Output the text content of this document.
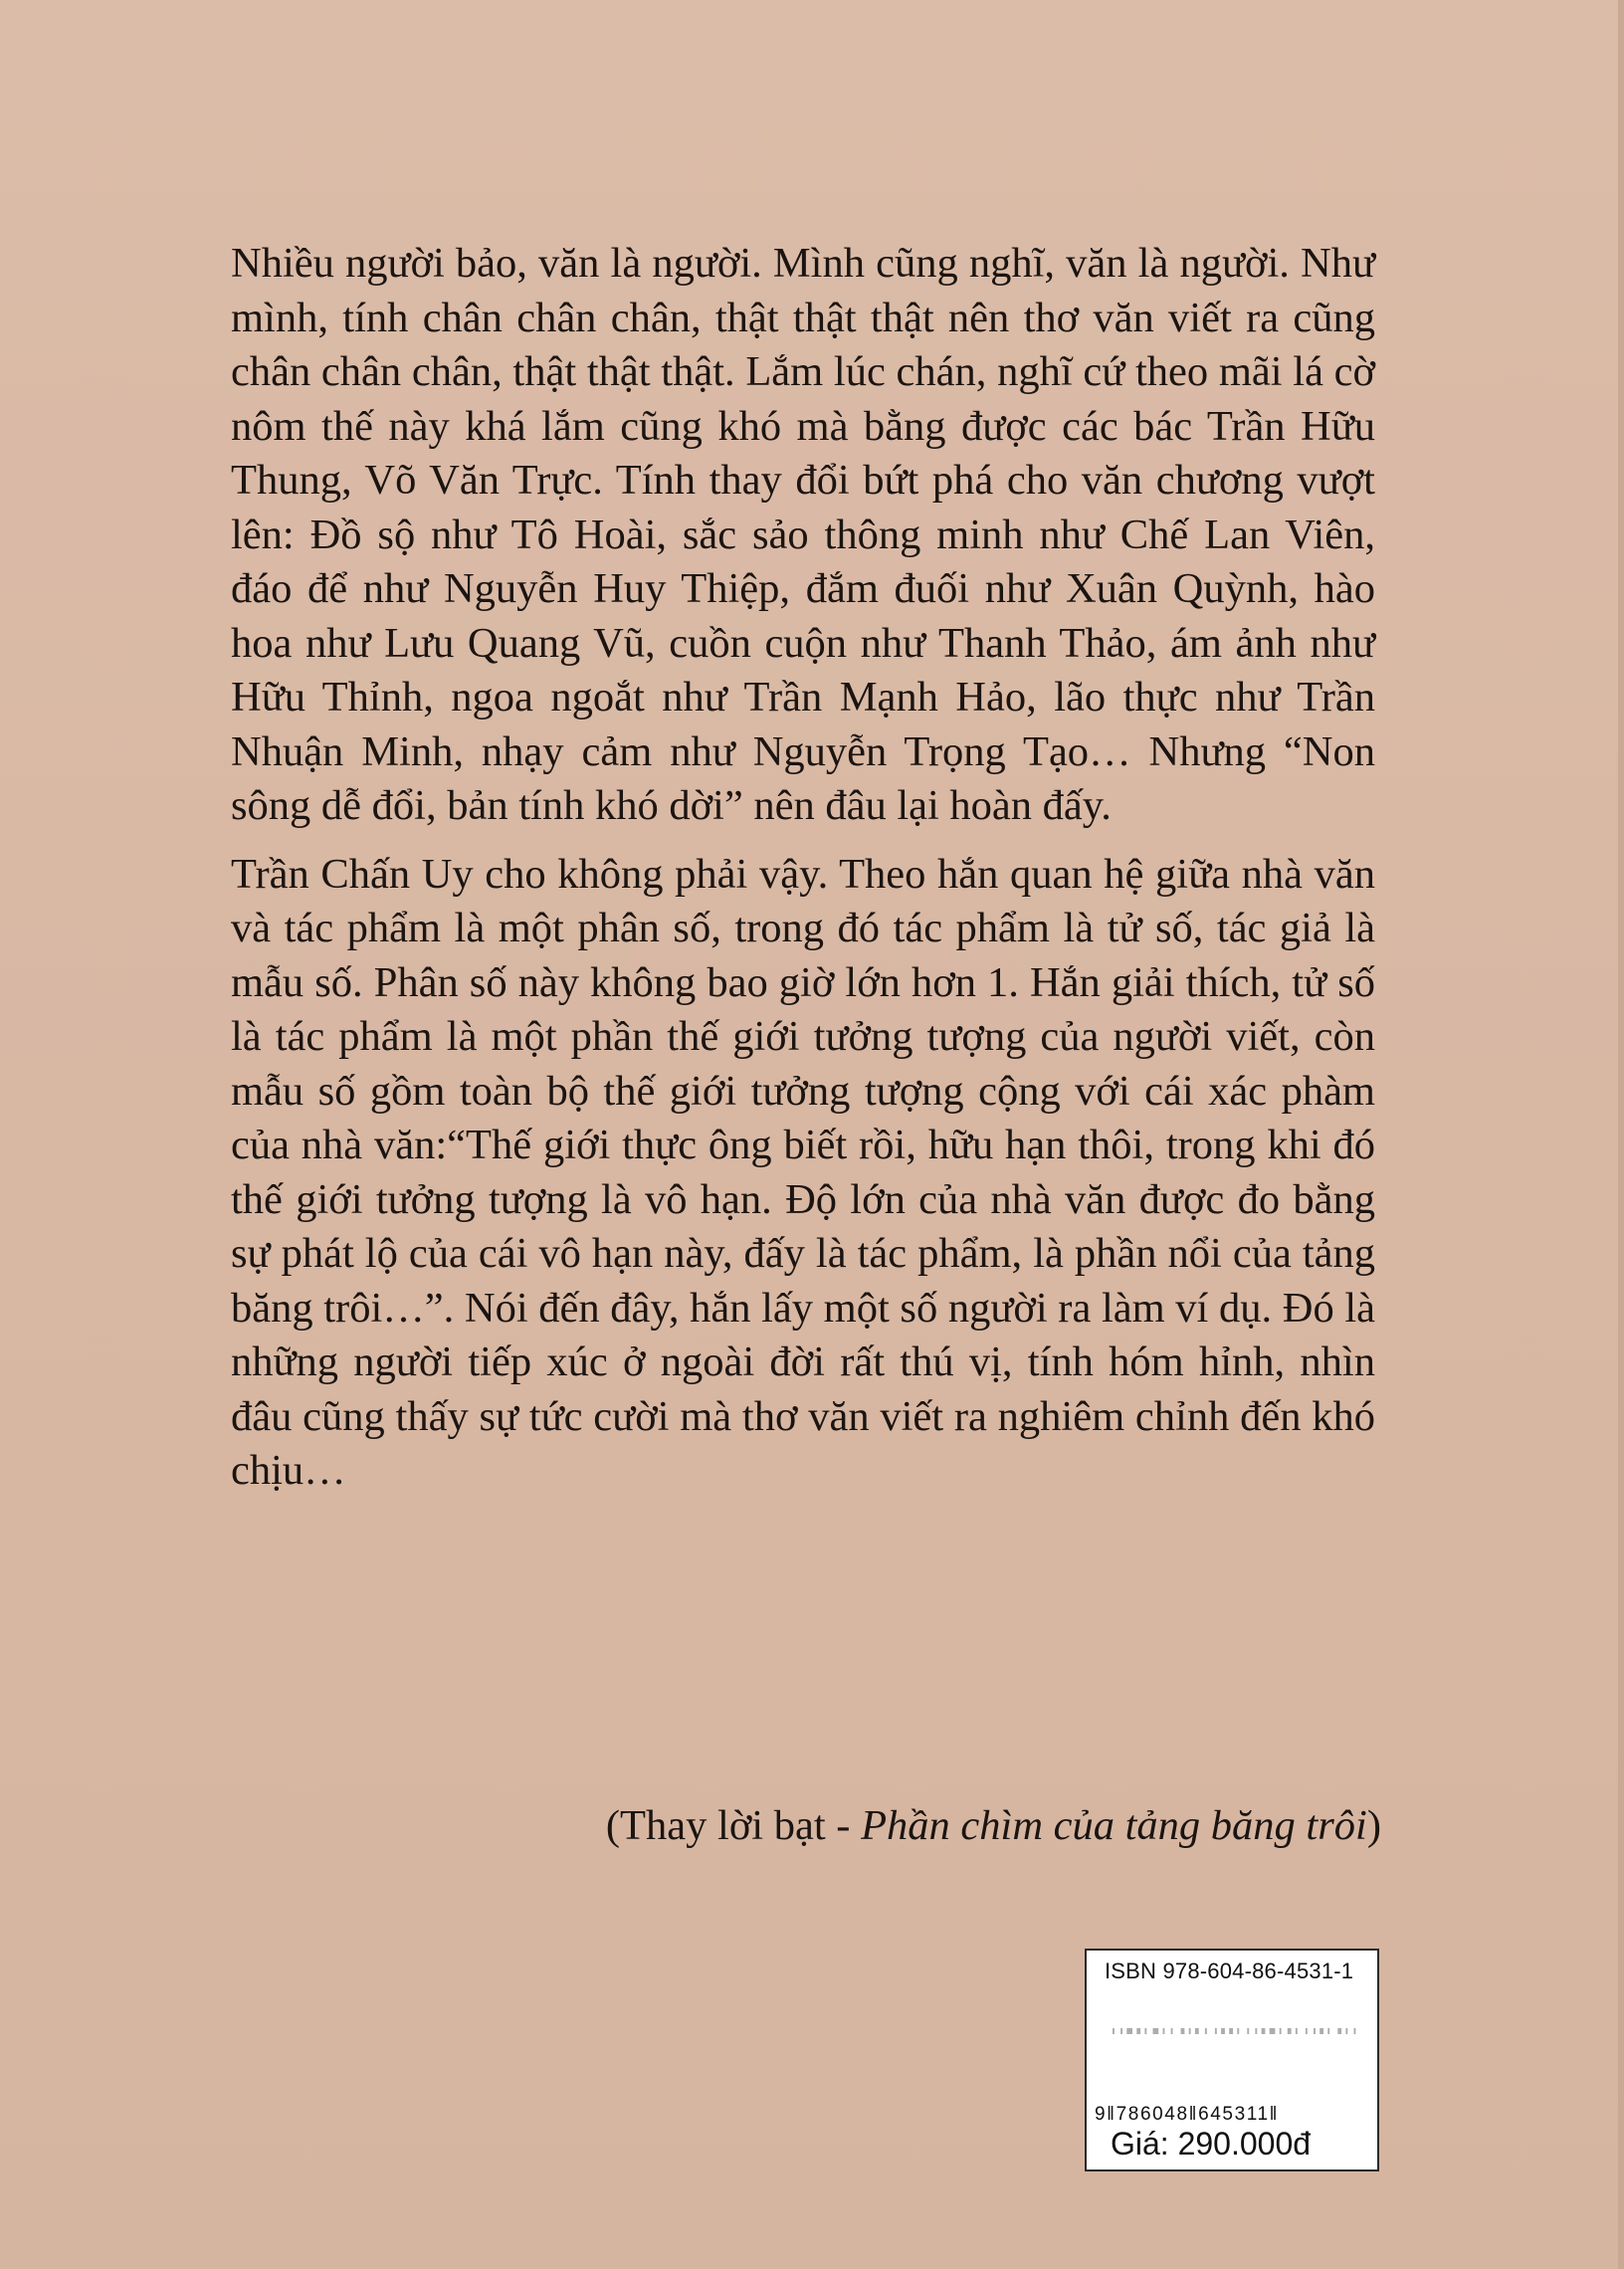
Nhiều người bảo, văn là người. Mình cũng nghĩ, văn là người. Như mình, tính chân chân chân, thật thật thật nên thơ văn viết ra cũng chân chân chân, thật thật thật. Lắm lúc chán, nghĩ cứ theo mãi lá cờ nôm thế này khá lắm cũng khó mà bằng được các bác Trần Hữu Thung, Võ Văn Trực. Tính thay đổi bứt phá cho văn chương vượt lên: Đồ sộ như Tô Hoài, sắc sảo thông minh như Chế Lan Viên, đáo để như Nguyễn Huy Thiệp, đắm đuối như Xuân Quỳnh, hào hoa như Lưu Quang Vũ, cuồn cuộn như Thanh Thảo, ám ảnh như Hữu Thỉnh, ngoa ngoắt như Trần Mạnh Hảo, lão thực như Trần Nhuận Minh, nhạy cảm như Nguyễn Trọng Tạo… Nhưng “Non sông dễ đổi, bản tính khó dời” nên đâu lại hoàn đấy.

Trần Chấn Uy cho không phải vậy. Theo hắn quan hệ giữa nhà văn và tác phẩm là một phân số, trong đó tác phẩm là tử số, tác giả là mẫu số. Phân số này không bao giờ lớn hơn 1. Hắn giải thích, tử số là tác phẩm là một phần thế giới tưởng tượng của người viết, còn mẫu số gồm toàn bộ thế giới tưởng tượng cộng với cái xác phàm của nhà văn:“Thế giới thực ông biết rồi, hữu hạn thôi, trong khi đó thế giới tưởng tượng là vô hạn. Độ lớn của nhà văn được đo bằng sự phát lộ của cái vô hạn này, đấy là tác phẩm, là phần nổi của tảng băng trôi…”. Nói đến đây, hắn lấy một số người ra làm ví dụ. Đó là những người tiếp xúc ở ngoài đời rất thú vị, tính hóm hỉnh, nhìn đâu cũng thấy sự tức cười mà thơ văn viết ra nghiêm chỉnh đến khó chịu…

(Thay lời bạt - Phần chìm của tảng băng trôi)
ISBN 978-604-86-4531-1
9‖786048‖645311‖
Giá: 290.000đ
